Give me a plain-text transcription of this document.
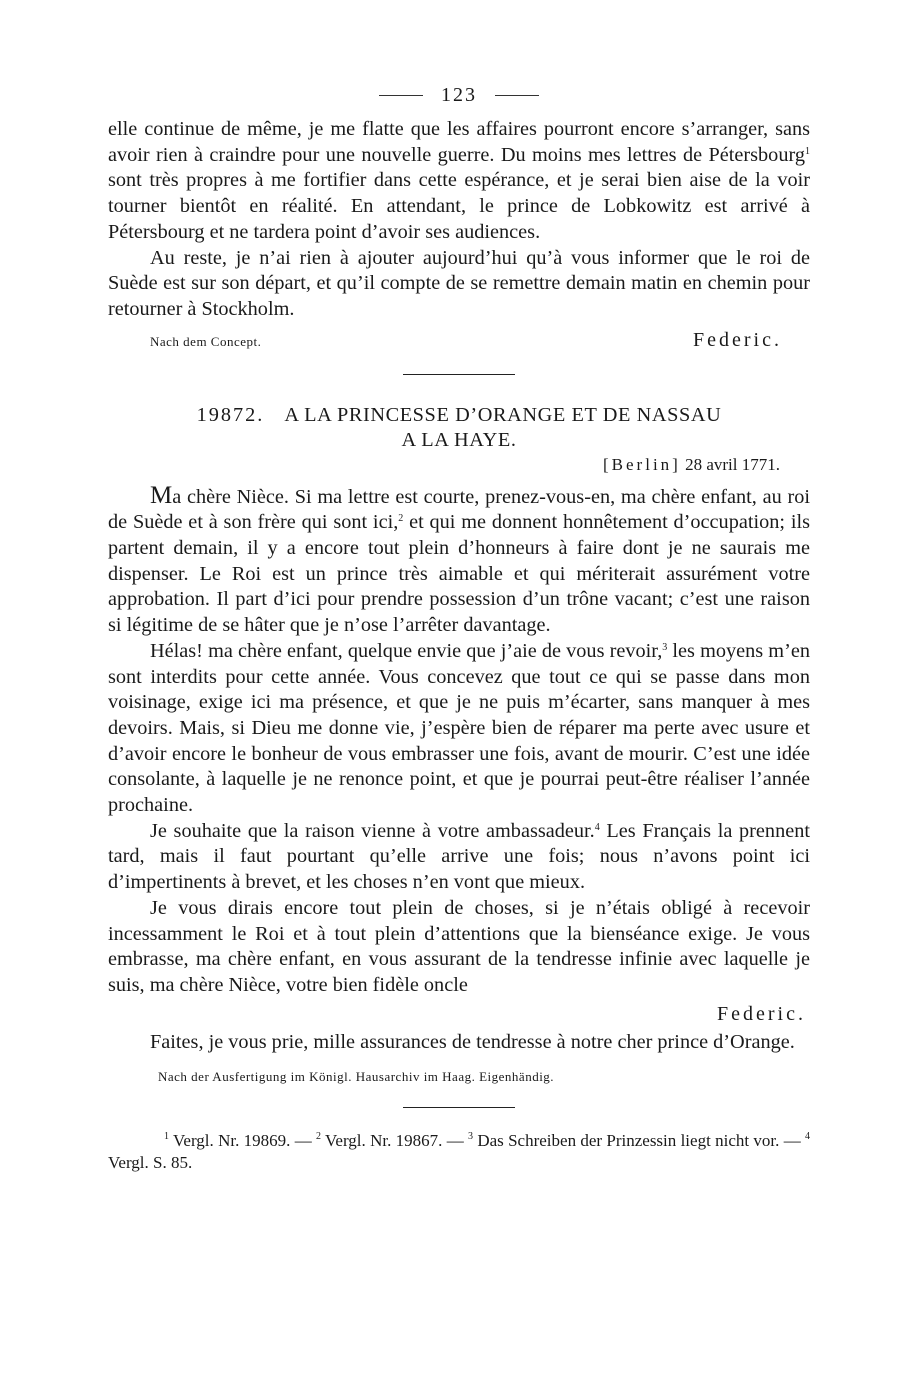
123

elle continue de même, je me flatte que les affaires pourront encore s’arranger, sans avoir rien à craindre pour une nouvelle guerre. Du moins mes lettres de Pétersbourg$^1$ sont très propres à me fortifier dans cette espérance, et je serai bien aise de la voir tourner bientôt en réalité. En attendant, le prince de Lobkowitz est arrivé à Pétersbourg et ne tardera point d’avoir ses audiences.

Au reste, je n’ai rien à ajouter aujourd’hui qu’à vous informer que le roi de Suède est sur son départ, et qu’il compte de se remettre demain matin en chemin pour retourner à Stockholm.

Nach dem Concept.	Federic.
19872. A LA PRINCESSE D’ORANGE ET DE NASSAU
A LA HAYE.
[Berlin] 28 avril 1771.

Ma chère Nièce. Si ma lettre est courte, prenez-vous-en, ma chère enfant, au roi de Suède et à son frère qui sont ici,$^2$ et qui me donnent honnêtement d’occupation; ils partent demain, il y a encore tout plein d’honneurs à faire dont je ne saurais me dispenser. Le Roi est un prince très aimable et qui mériterait assurément votre approbation. Il part d’ici pour prendre possession d’un trône vacant; c’est une raison si légitime de se hâter que je n’ose l’arrêter davantage.

Hélas! ma chère enfant, quelque envie que j’aie de vous revoir,$^3$ les moyens m’en sont interdits pour cette année. Vous concevez que tout ce qui se passe dans mon voisinage, exige ici ma présence, et que je ne puis m’écarter, sans manquer à mes devoirs. Mais, si Dieu me donne vie, j’espère bien de réparer ma perte avec usure et d’avoir encore le bonheur de vous embrasser une fois, avant de mourir. C’est une idée consolante, à laquelle je ne renonce point, et que je pourrai peut-être réaliser l’année prochaine.

Je souhaite que la raison vienne à votre ambassadeur.$^4$ Les Français la prennent tard, mais il faut pourtant qu’elle arrive une fois; nous n’avons point ici d’impertinents à brevet, et les choses n’en vont que mieux.

Je vous dirais encore tout plein de choses, si je n’étais obligé à recevoir incessamment le Roi et à tout plein d’attentions que la bienséance exige. Je vous embrasse, ma chère enfant, en vous assurant de la tendresse infinie avec laquelle je suis, ma chère Nièce, votre bien fidèle oncle

Federic.

Faites, je vous prie, mille assurances de tendresse à notre cher prince d’Orange.

Nach der Ausfertigung im Königl. Hausarchiv im Haag. Eigenhändig.

$^1$ Vergl. Nr. 19869. — $^2$ Vergl. Nr. 19867. — $^3$ Das Schreiben der Prinzessin liegt nicht vor. — $^4$ Vergl. S. 85.
